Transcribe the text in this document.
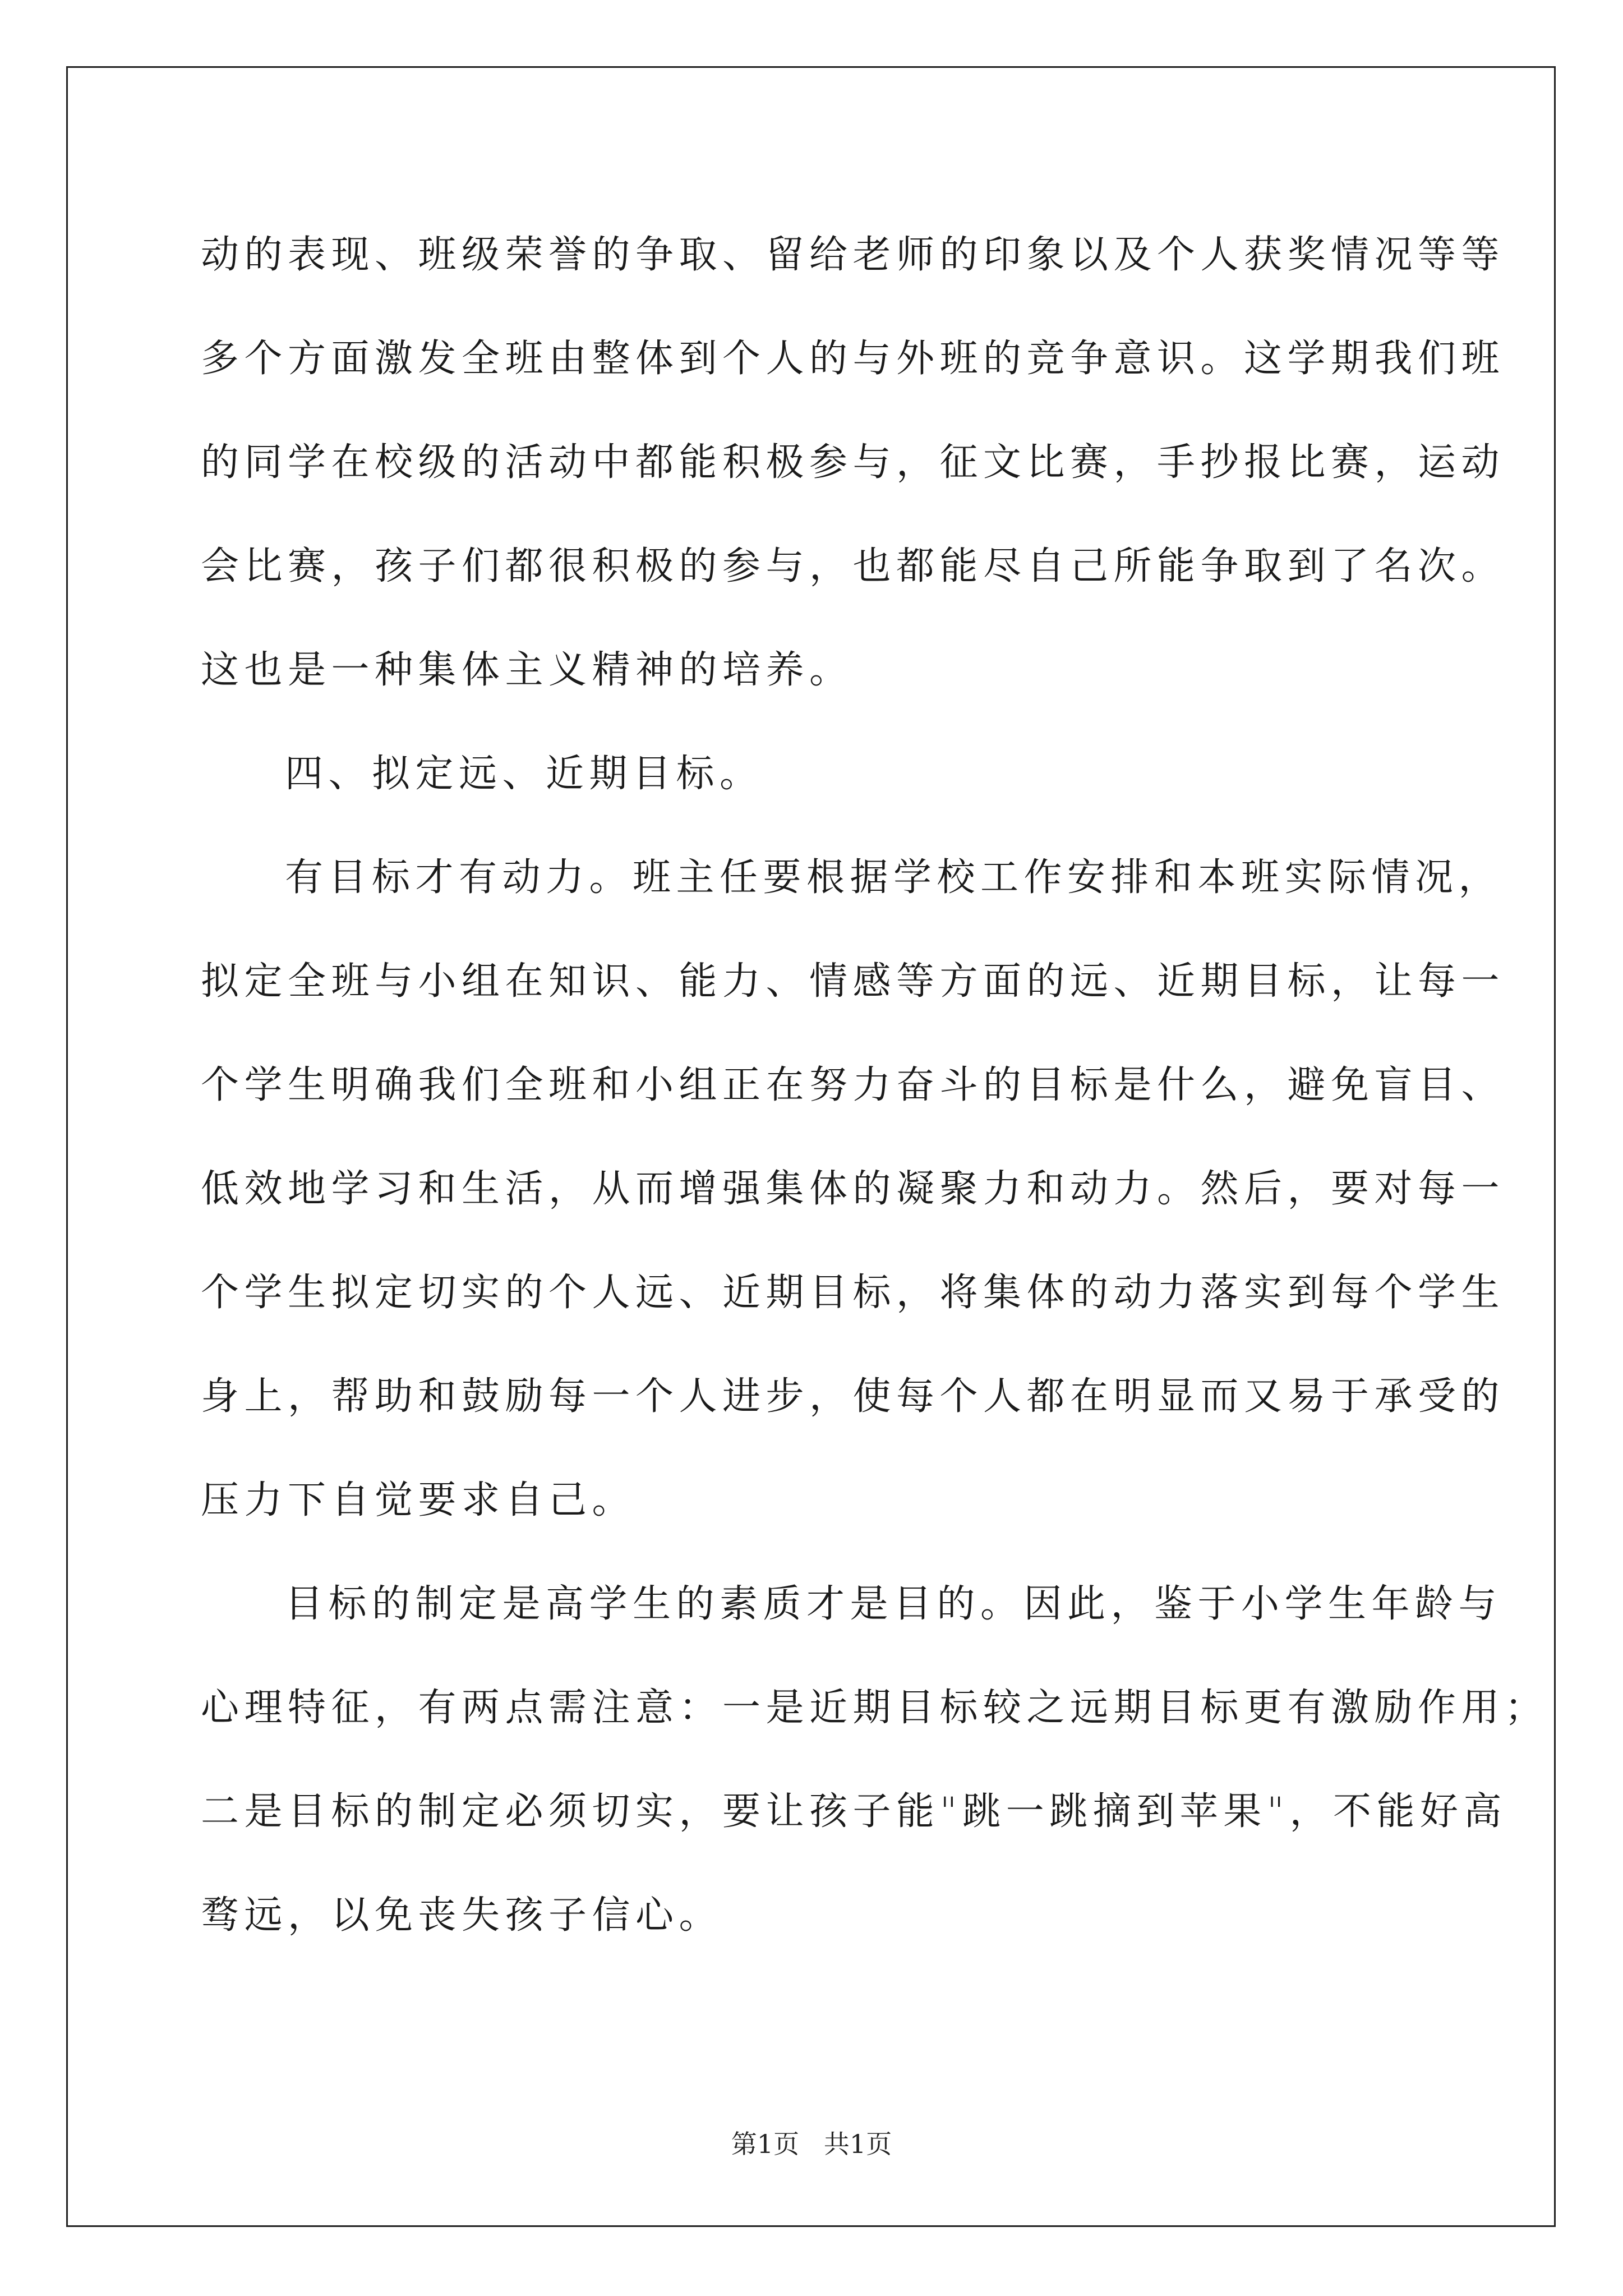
动的表现、班级荣誉的争取、留给老师的印象以及个人获奖情况等等

多个方面激发全班由整体到个人的与外班的竞争意识。这学期我们班

的同学在校级的活动中都能积极参与，征文比赛，手抄报比赛，运动

会比赛，孩子们都很积极的参与，也都能尽自己所能争取到了名次。

这也是一种集体主义精神的培养。

四、拟定远、近期目标。

有目标才有动力。班主任要根据学校工作安排和本班实际情况，

拟定全班与小组在知识、能力、情感等方面的远、近期目标，让每一

个学生明确我们全班和小组正在努力奋斗的目标是什么，避免盲目、

低效地学习和生活，从而增强集体的凝聚力和动力。然后，要对每一

个学生拟定切实的个人远、近期目标，将集体的动力落实到每个学生

身上，帮助和鼓励每一个人进步，使每个人都在明显而又易于承受的

压力下自觉要求自己。

目标的制定是高学生的素质才是目的。因此，鉴于小学生年龄与

心理特征，有两点需注意：一是近期目标较之远期目标更有激励作用；

二是目标的制定必须切实，要让孩子能"跳一跳摘到苹果"，不能好高

骛远，以免丧失孩子信心。

第1页   共1页
